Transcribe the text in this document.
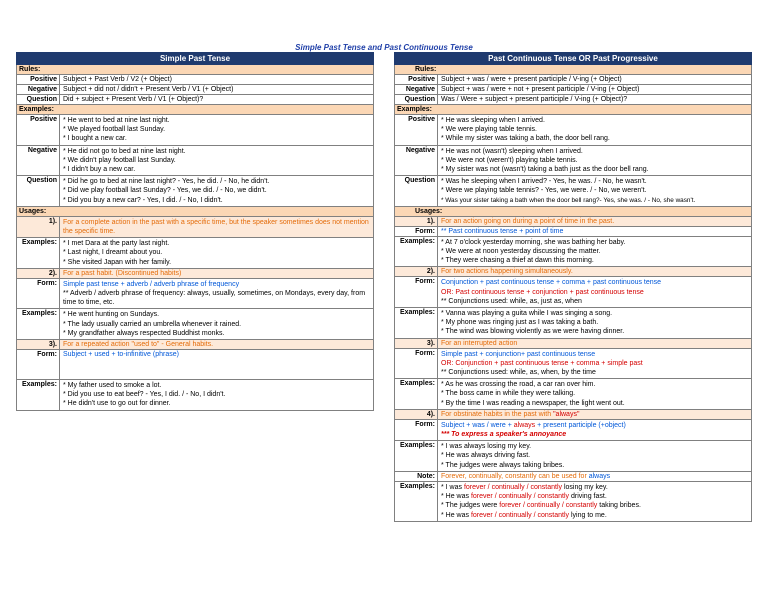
Simple Past Tense and Past Continuous Tense
Simple Past Tense
Rules:
Positive Subject + Past Verb / V2 (+ Object)
Negative Subject + did not / didn't + Present Verb / V1 (+ Object)
Question Did + subject + Present Verb / V1 (+ Object)?
Examples:
Positive * He went to bed at nine last night.
* We played football last Sunday.
* I bought a new car.
Negative * He did not go to bed at nine last night.
* We didn't play football last Sunday.
* I didn't buy a new car.
Question * Did he go to bed at nine last night? - Yes, he did. / - No, he didn't.
* Did we play football last Sunday? - Yes, we did. / - No, we didn't.
* Did you buy a new car? - Yes, I did. / - No, I didn't.
Usages:
1). For a complete action in the past with a specific time, but the speaker sometimes does not mention the specific time.
Examples: * I met Dara at the party last night.
* Last night, I dreamt about you.
* She visited Japan with her family.
2). For a past habit. (Discontinued habits)
Form: Simple past tense + adverb / adverb phrase of frequency
** Adverb / adverb phrase of frequency: always, usually, sometimes, on Mondays, every day, from time to time, etc.
Examples: * He went hunting on Sundays.
* The lady usually carried an umbrella whenever it rained.
* My grandfather always respected Buddhist monks.
3). For a repeated action "used to" - General habits.
Form: Subject + used + to-infinitive (phrase)
Examples: * My father used to smoke a lot.
* Did you use to eat beef? - Yes, I did. / - No, I didn't.
* He didn't use to go out for dinner.
Past Continuous Tense OR Past Progressive
Rules:
Positive Subject + was / were + present participle / V-ing (+ Object)
Negative Subject + was / were + not + present participle / V-ing (+ Object)
Question Was / Were + subject + present participle / V-ing (+ Object)?
Examples:
Positive * He was sleeping when I arrived.
* We were playing table tennis.
* While my sister was taking a bath, the door bell rang.
Negative * He was not (wasn't) sleeping when I arrived.
* We were not (weren't) playing table tennis.
* My sister was not (wasn't) taking a bath just as the door bell rang.
Question * Was he sleeping when I arrived? - Yes, he was. / - No, he wasn't.
* Were we playing table tennis? - Yes, we were. / - No, we weren't.
* Was your sister taking a bath when the door bell rang?- Yes, she was. / - No, she wasn't.
Usages:
1). For an action going on during a point of time in the past.
Form: ** Past continuous tense + point of time
Examples: * At 7 o'clock yesterday morning, she was bathing her baby.
* We were at noon yesterday discussing the matter.
* They were chasing a thief at dawn this morning.
2). For two actions happening simultaneously.
Form: Conjunction + past continuous tense + comma + past continuous tense
OR: Past continuous tense + conjunction + past continuous tense
** Conjunctions used: while, as, just as, when
Examples: * Vanna was playing a guita while I was singing a song.
* My phone was ringing just as I was taking a bath.
* The wind was blowing violently as we were having dinner.
3). For an interrupted action
Form: Simple past + conjunction+ past continuous tense
OR: Conjunction + past continuous tense + comma + simple past
** Conjunctions used: while, as, when, by the time
Examples: * As he was crossing the road, a car ran over him.
* The boss came in while they were talking.
* By the time I was reading a newspaper, the light went out.
4). For obstinate habits in the past with "always"
Form: Subject + was / were + always + present participle (+object)
*** To express a speaker's annoyance
Examples: * I was always losing my key.
* He was always driving fast.
* The judges were always taking bribes.
Note: Forever, continually, constantly can be used for always
Examples: * I was forever / continually / constantly losing my key.
* He was forever / continually / constantly driving fast.
* The judges were forever / continually / constantly taking bribes.
* He was forever / continually / constantly lying to me.
